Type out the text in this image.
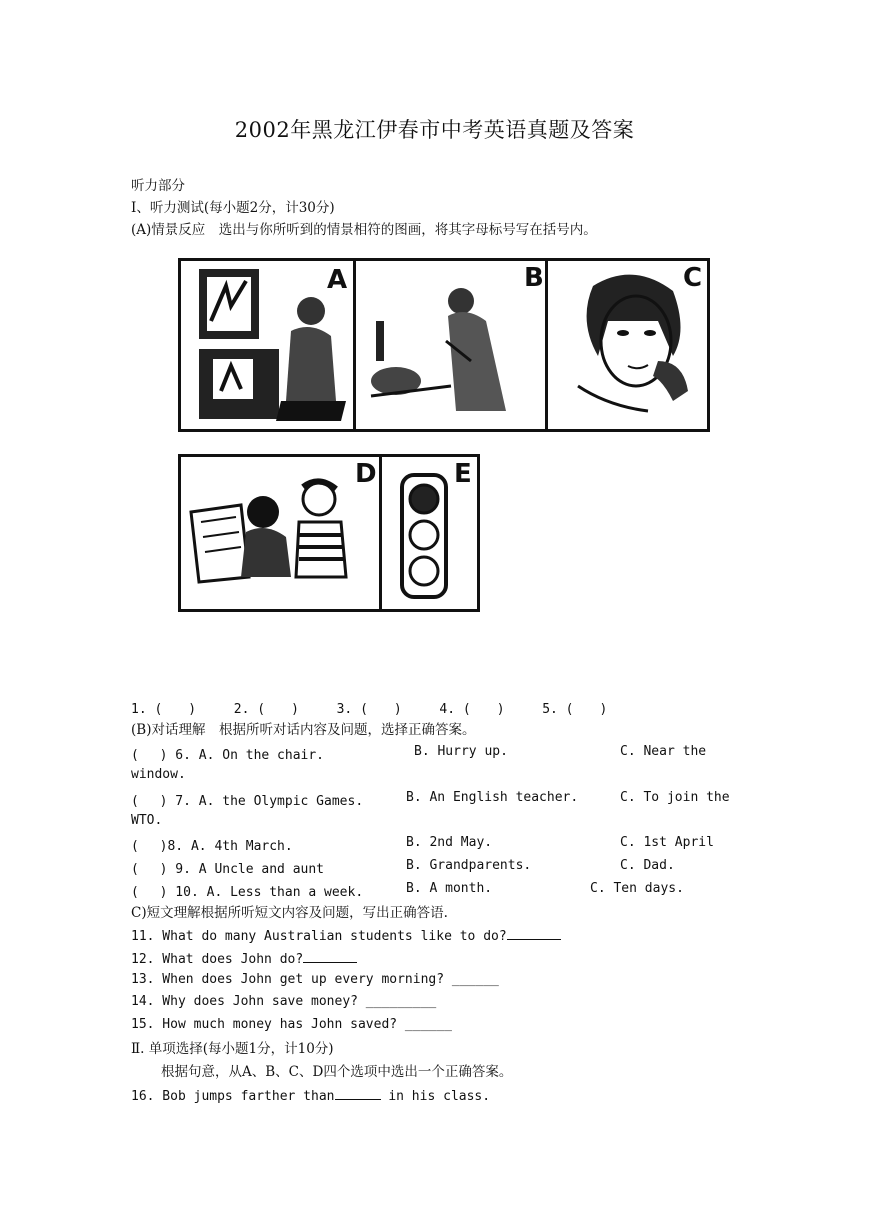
2002年黑龙江伊春市中考英语真题及答案
听力部分
I、听力测试(每小题2分，计30分)
(A)情景反应　选出与你所听到的情景相符的图画，将其字母标号写在括号内。
A	B	C
D	E
1. (　　)	2. (　　)	3. (　　)	4. (　　)	5. (　　)
(B)对话理解　根据所听对话内容及问题，选择正确答案。
(　 ) 6. A. On the chair.	B. Hurry up.	C. Near the
window.
(　 ) 7. A. the Olympic Games.	B. An English teacher.	C. To join the
WTO.
(　 )8. A. 4th March.	B. 2nd May.	C. 1st April
(　 ) 9. A Uncle and aunt	B. Grandparents.	C. Dad.
(　 ) 10. A. Less than a week.	B. A month.	C. Ten days.
C)短文理解根据所听短文内容及问题，写出正确答语.
11. What do many Australian students like to do?
12. What does John do?
13. When does John get up every morning? ______
14. Why does John save money? _________
15. How much money has John saved? ______
Ⅱ. 单项选择(每小题1分，计10分)
根据句意，从A、B、C、D四个选项中选出一个正确答案。
16. Bob jumps farther than	in his class.
